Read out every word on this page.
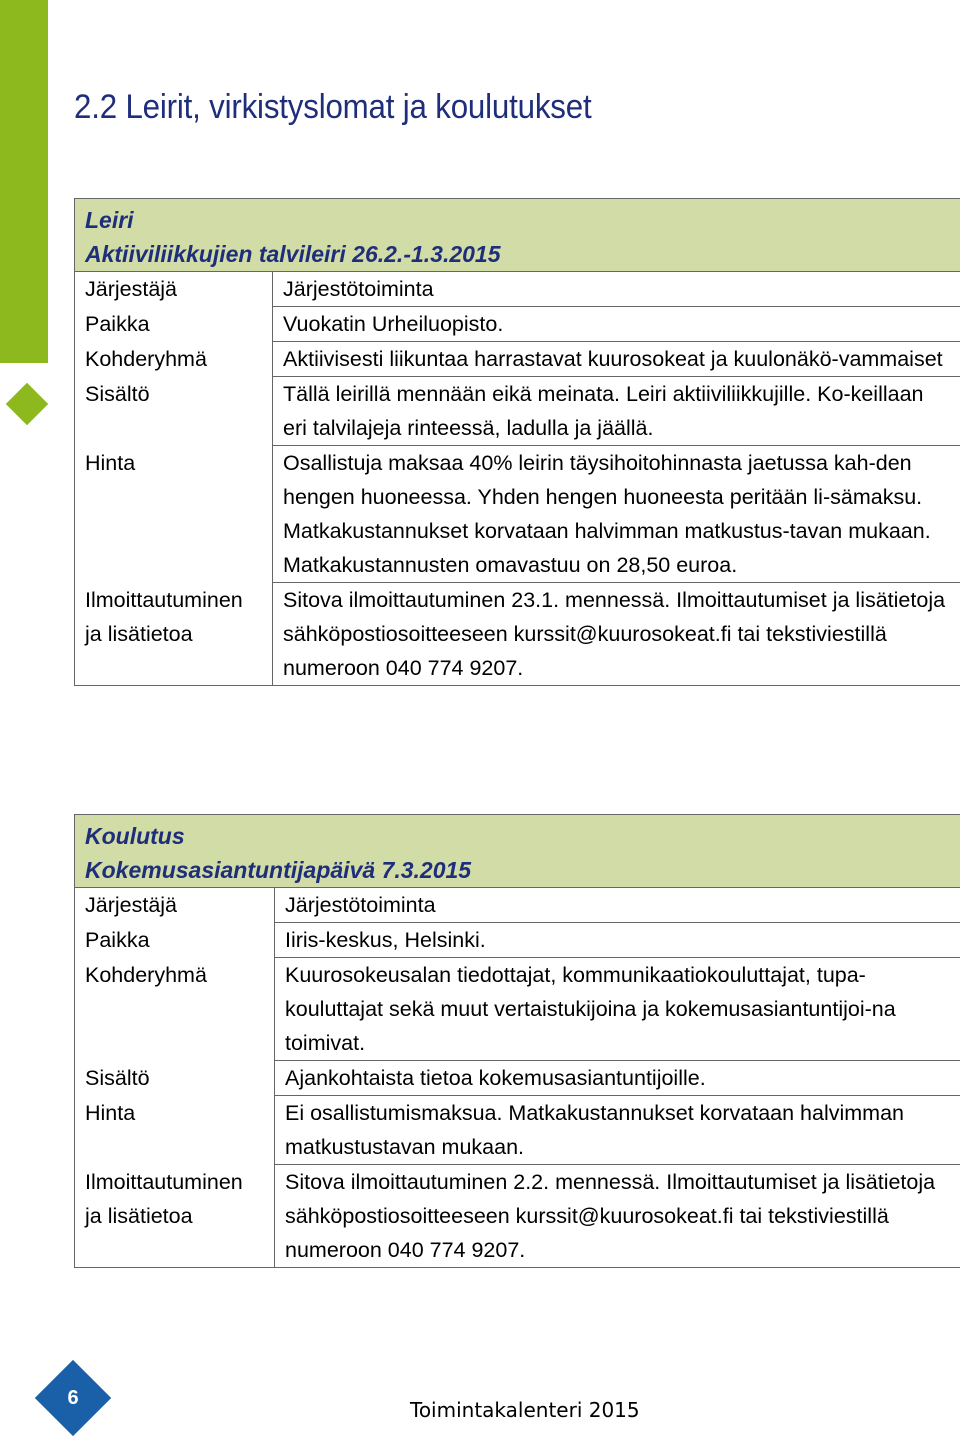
2.2 Leirit, virkistyslomat ja koulutukset
Leiri
Aktiiviliikkujien talvileiri 26.2.-1.3.2015	

Järjestäjä	Järjestötoiminta
Paikka	Vuokatin Urheiluopisto.
Kohderyhmä	Aktiivisesti liikuntaa harrastavat kuurosokeat ja kuulonäkö-vammaiset
Sisältö	Tällä leirillä mennään eikä meinata. Leiri aktiiviliikkujille. Ko-keillaan eri talvilajeja rinteessä, ladulla ja jäällä.
Hinta	Osallistuja maksaa 40% leirin täysihoitohinnasta jaetussa kah-den hengen huoneessa. Yhden hengen huoneesta peritään li-sämaksu. Matkakustannukset korvataan halvimman matkustus-tavan mukaan. Matkakustannusten omavastuu on 28,50 euroa.
Ilmoittautuminen ja lisätietoa	Sitova ilmoittautuminen 23.1. mennessä. Ilmoittautumiset ja lisätietoja sähköpostiosoitteeseen kurssit@kuurosokeat.fi tai tekstiviestillä numeroon 040 774 9207.
Koulutus
Kokemusasiantuntijapäivä 7.3.2015	

Järjestäjä	Järjestötoiminta
Paikka	Iiris-keskus, Helsinki.
Kohderyhmä	Kuurosokeusalan tiedottajat, kommunikaatiokouluttajat, tupa-kouluttajat sekä muut vertaistukijoina ja kokemusasiantuntijoi-na toimivat.
Sisältö	Ajankohtaista tietoa kokemusasiantuntijoille.
Hinta	Ei osallistumismaksua. Matkakustannukset korvataan halvimman matkustustavan mukaan.
Ilmoittautuminen ja lisätietoa	Sitova ilmoittautuminen 2.2. mennessä. Ilmoittautumiset ja lisätietoja sähköpostiosoitteeseen kurssit@kuurosokeat.fi tai tekstiviestillä numeroon 040 774 9207.
6
Toimintakalenteri 2015
